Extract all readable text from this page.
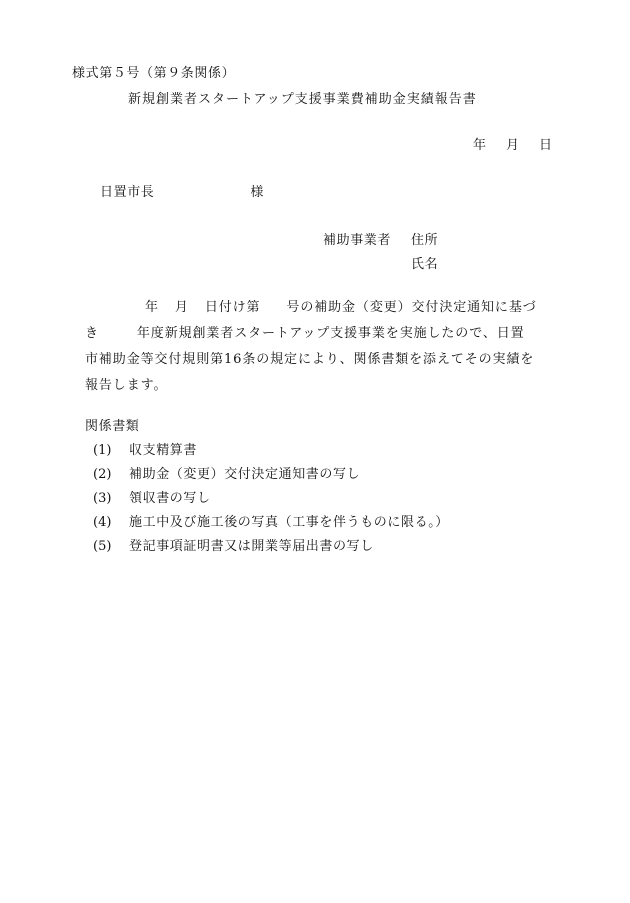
様式第５号（第９条関係）
新規創業者スタートアップ支援事業費補助金実績報告書
年 月 日
日置市長	様
補助事業者 住所
氏名
年 月 日付け第 号の補助金（変更）交付決定通知に基づ
き	年度新規創業者スタートアップ支援事業を実施したので、日置
市補助金等交付規則第16条の規定により、関係書類を添えてその実績を
報告します。
関係書類
(1) 収支精算書
(2) 補助金（変更）交付決定通知書の写し
(3) 領収書の写し
(4) 施工中及び施工後の写真（工事を伴うものに限る。）
(5) 登記事項証明書又は開業等届出書の写し
